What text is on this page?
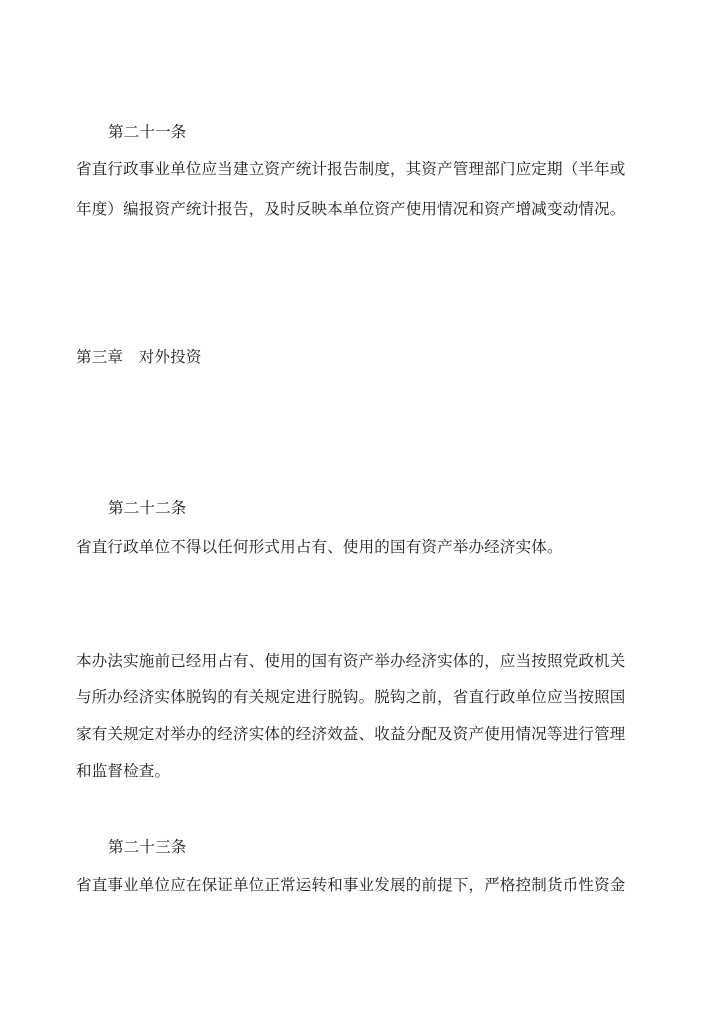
第二十一条
省直行政事业单位应当建立资产统计报告制度，其资产管理部门应定期（半年或
年度）编报资产统计报告，及时反映本单位资产使用情况和资产增减变动情况。
第三章　对外投资
第二十二条
省直行政单位不得以任何形式用占有、使用的国有资产举办经济实体。
本办法实施前已经用占有、使用的国有资产举办经济实体的，应当按照党政机关
与所办经济实体脱钩的有关规定进行脱钩。脱钩之前，省直行政单位应当按照国
家有关规定对举办的经济实体的经济效益、收益分配及资产使用情况等进行管理
和监督检查。
第二十三条
省直事业单位应在保证单位正常运转和事业发展的前提下，严格控制货币性资金
